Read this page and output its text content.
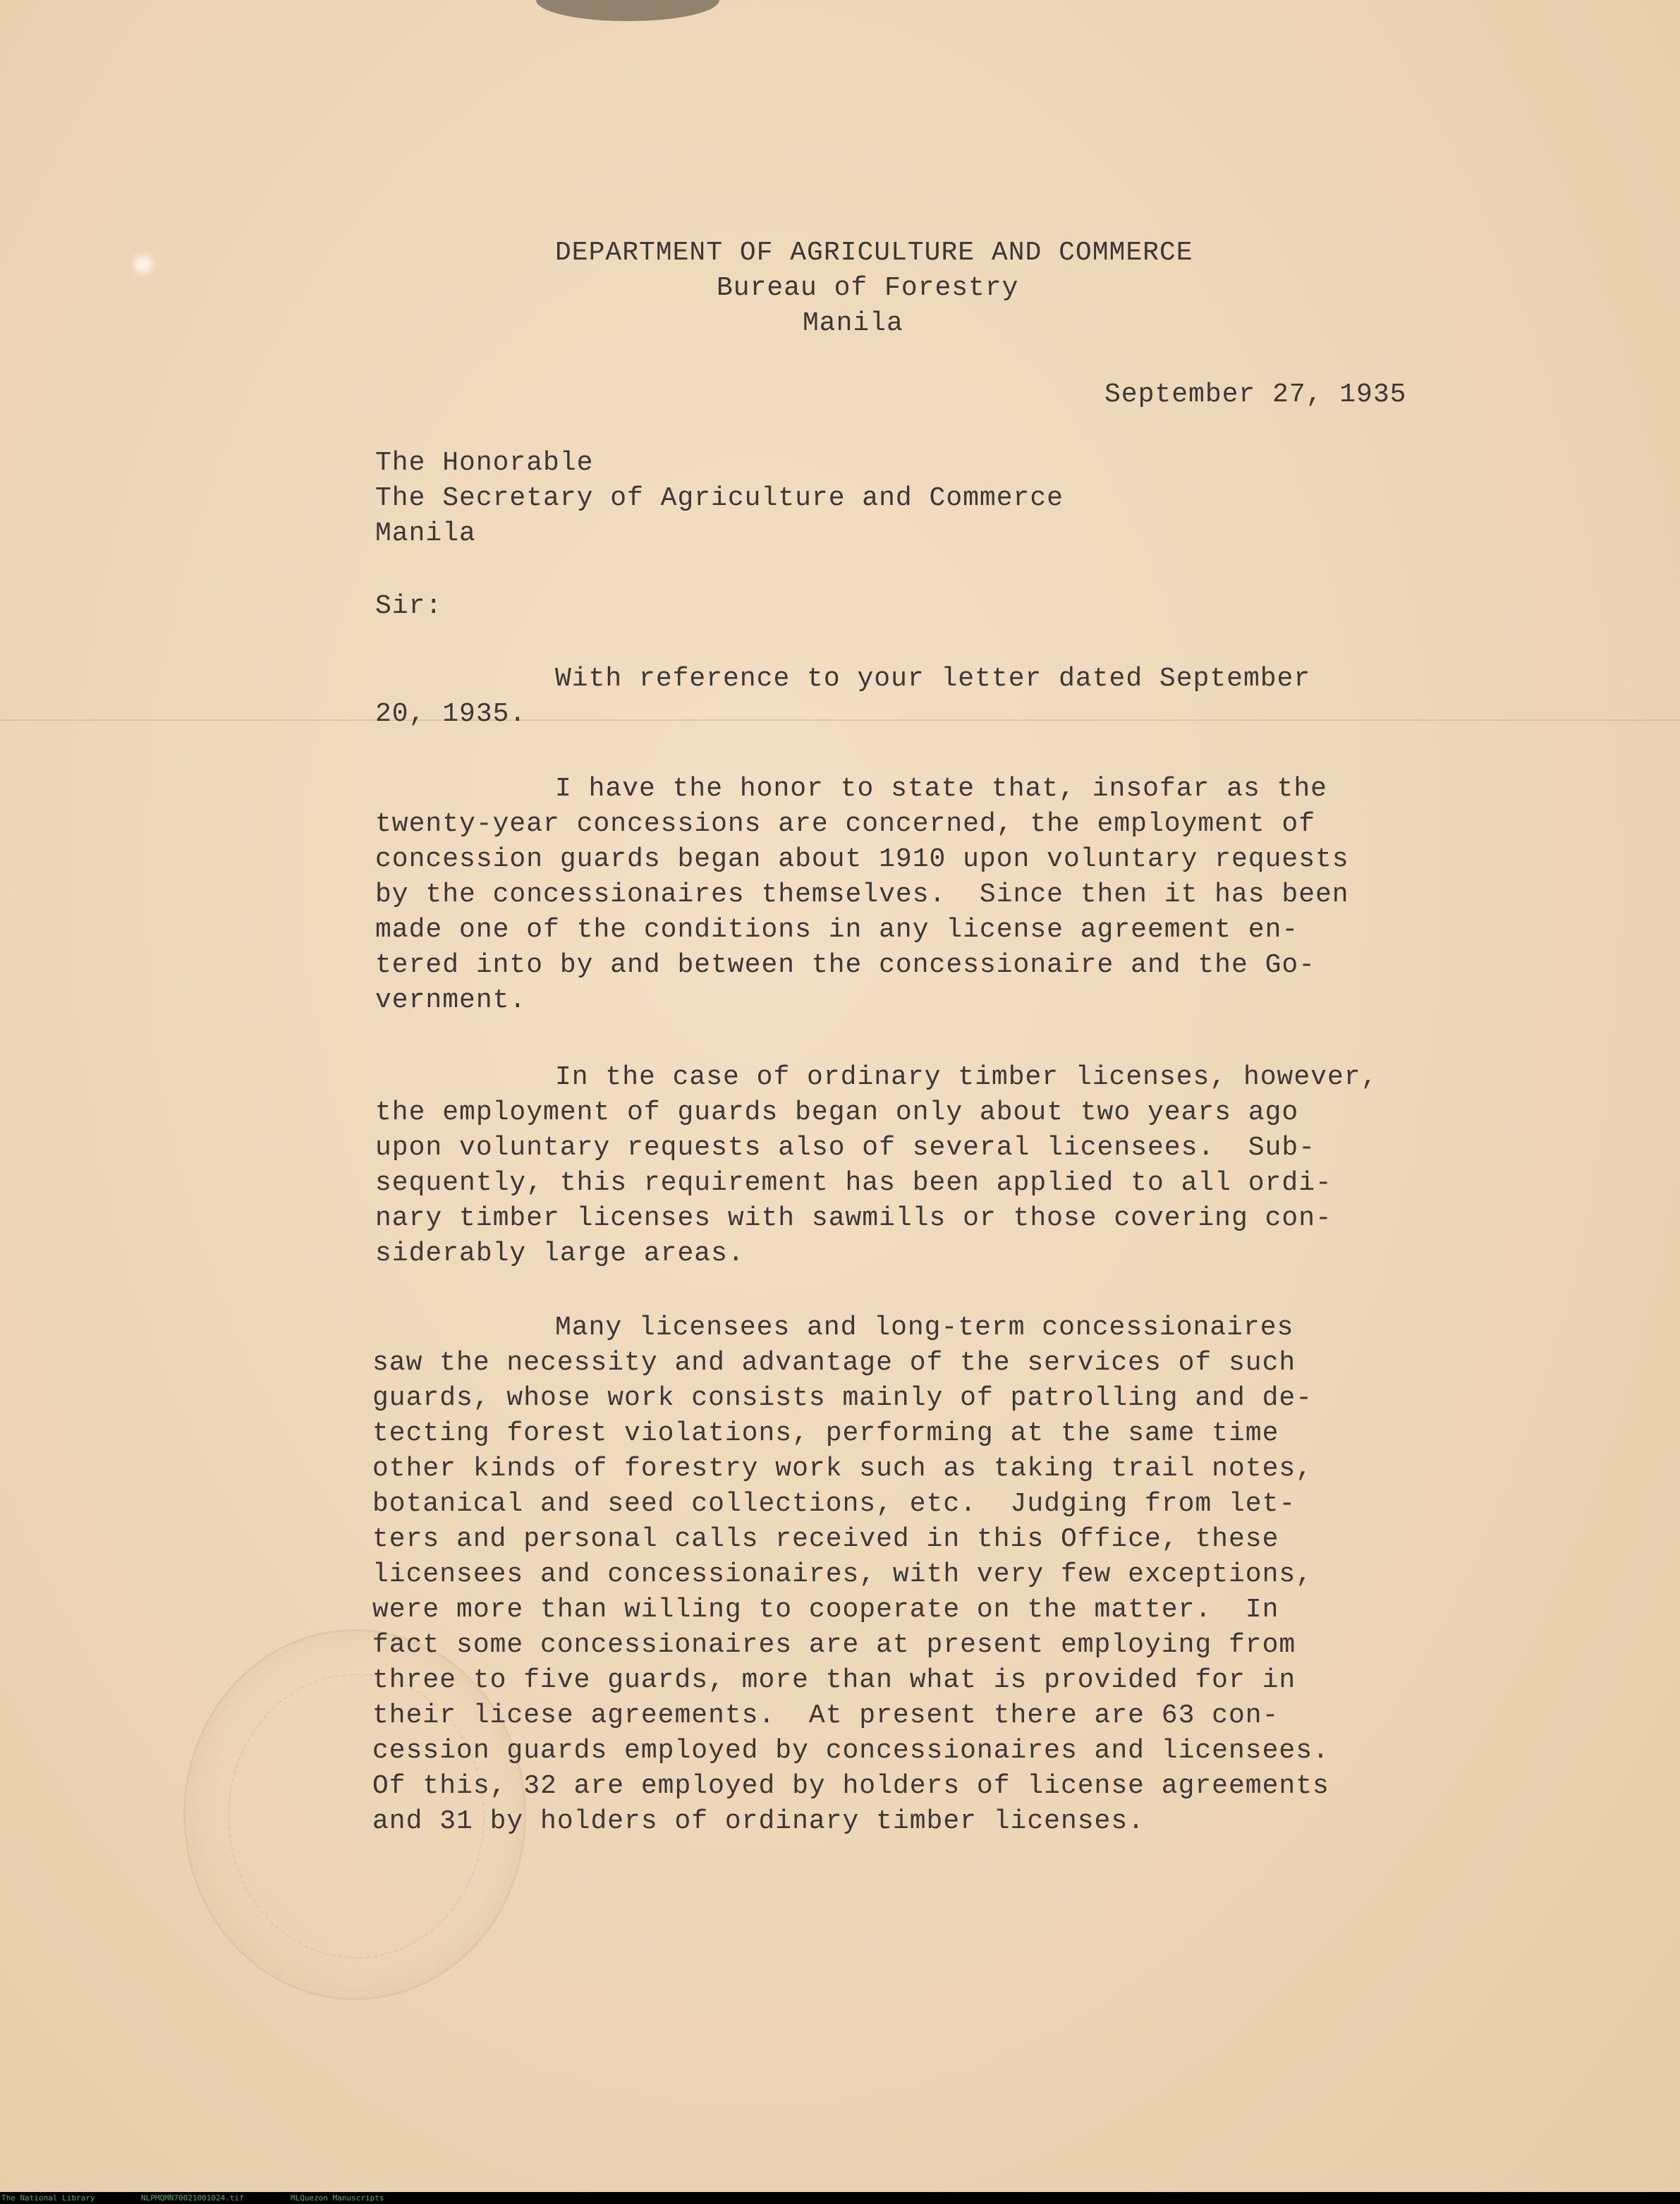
DEPARTMENT OF AGRICULTURE AND COMMERCE
Bureau of Forestry
Manila
September 27, 1935
The Honorable
The Secretary of Agriculture and Commerce
Manila
Sir:
With reference to your letter dated September
20, 1935.
I have the honor to state that, insofar as the
twenty-year concessions are concerned, the employment of
concession guards began about 1910 upon voluntary requests
by the concessionaires themselves.  Since then it has been
made one of the conditions in any license agreement en-
tered into by and between the concessionaire and the Go-
vernment.
In the case of ordinary timber licenses, however,
the employment of guards began only about two years ago
upon voluntary requests also of several licensees.  Sub-
sequently, this requirement has been applied to all ordi-
nary timber licenses with sawmills or those covering con-
siderably large areas.
Many licensees and long-term concessionaires
saw the necessity and advantage of the services of such
guards, whose work consists mainly of patrolling and de-
tecting forest violations, performing at the same time
other kinds of forestry work such as taking trail notes,
botanical and seed collections, etc.  Judging from let-
ters and personal calls received in this Office, these
licensees and concessionaires, with very few exceptions,
were more than willing to cooperate on the matter.  In
fact some concessionaires are at present employing from
three to five guards, more than what is provided for in
their licese agreements.  At present there are 63 con-
cession guards employed by concessionaires and licensees.
Of this, 32 are employed by holders of license agreements
and 31 by holders of ordinary timber licenses.
The National Library	NLPMQMN70021001024.tif	MLQuezon Manuscripts
